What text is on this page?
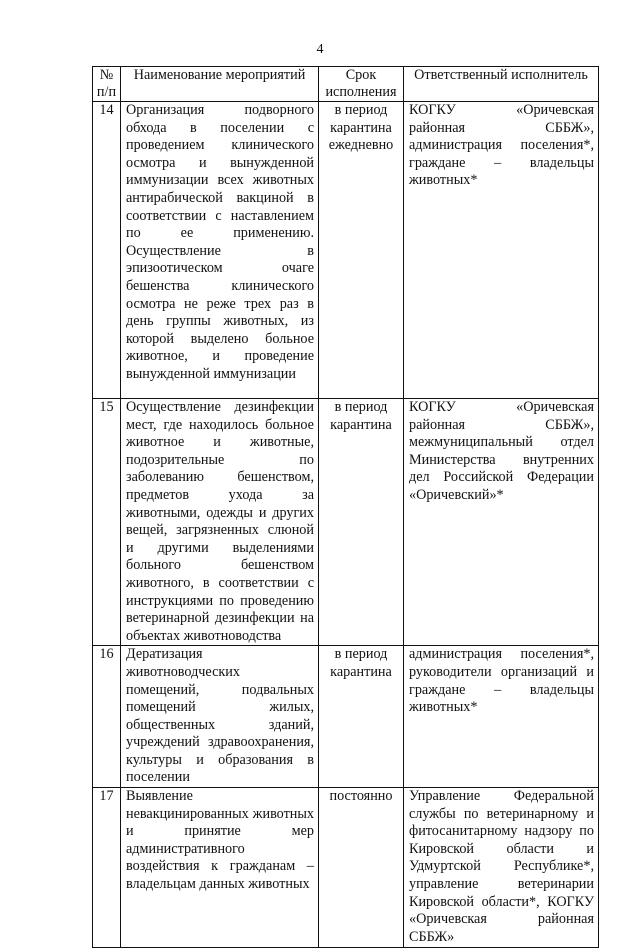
4
№ п/п	Наименование мероприятий	Срок исполнения	Ответственный исполнитель
14	Организация подворного обхода в поселении с проведением клинического осмотра и вынужденной иммунизации всех животных антирабической вакциной в соответствии с наставлением по ее применению. Осуществление в эпизоотическом очаге бешенства клинического осмотра не реже трех раз в день группы животных, из которой выделено больное животное, и проведение вынужденной иммунизации	в период карантина ежедневно	КОГКУ «Оричевская районная СББЖ», администрация поселения*, граждане – владельцы животных*
15	Осуществление дезинфекции мест, где находилось больное животное и животные, подозрительные по заболеванию бешенством, предметов ухода за животными, одежды и других вещей, загрязненных слюной и другими выделениями больного бешенством животного, в соответствии с инструкциями по проведению ветеринарной дезинфекции на объектах животноводства	в период карантина	КОГКУ «Оричевская районная СББЖ», межмуниципальный отдел Министерства внутренних дел Российской Федерации «Оричевский»*
16	Дератизация животноводческих помещений, подвальных помещений жилых, общественных зданий, учреждений здравоохранения, культуры и образования в поселении	в период карантина	администрация поселения*, руководители организаций и граждане – владельцы животных*
17	Выявление невакцинированных животных и принятие мер административного воздействия к гражданам – владельцам данных животных	постоянно	Управление Федеральной службы по ветеринарному и фитосанитарному надзору по Кировской области и Удмуртской Республике*, управление ветеринарии Кировской области*, КОГКУ «Оричевская районная СББЖ»
